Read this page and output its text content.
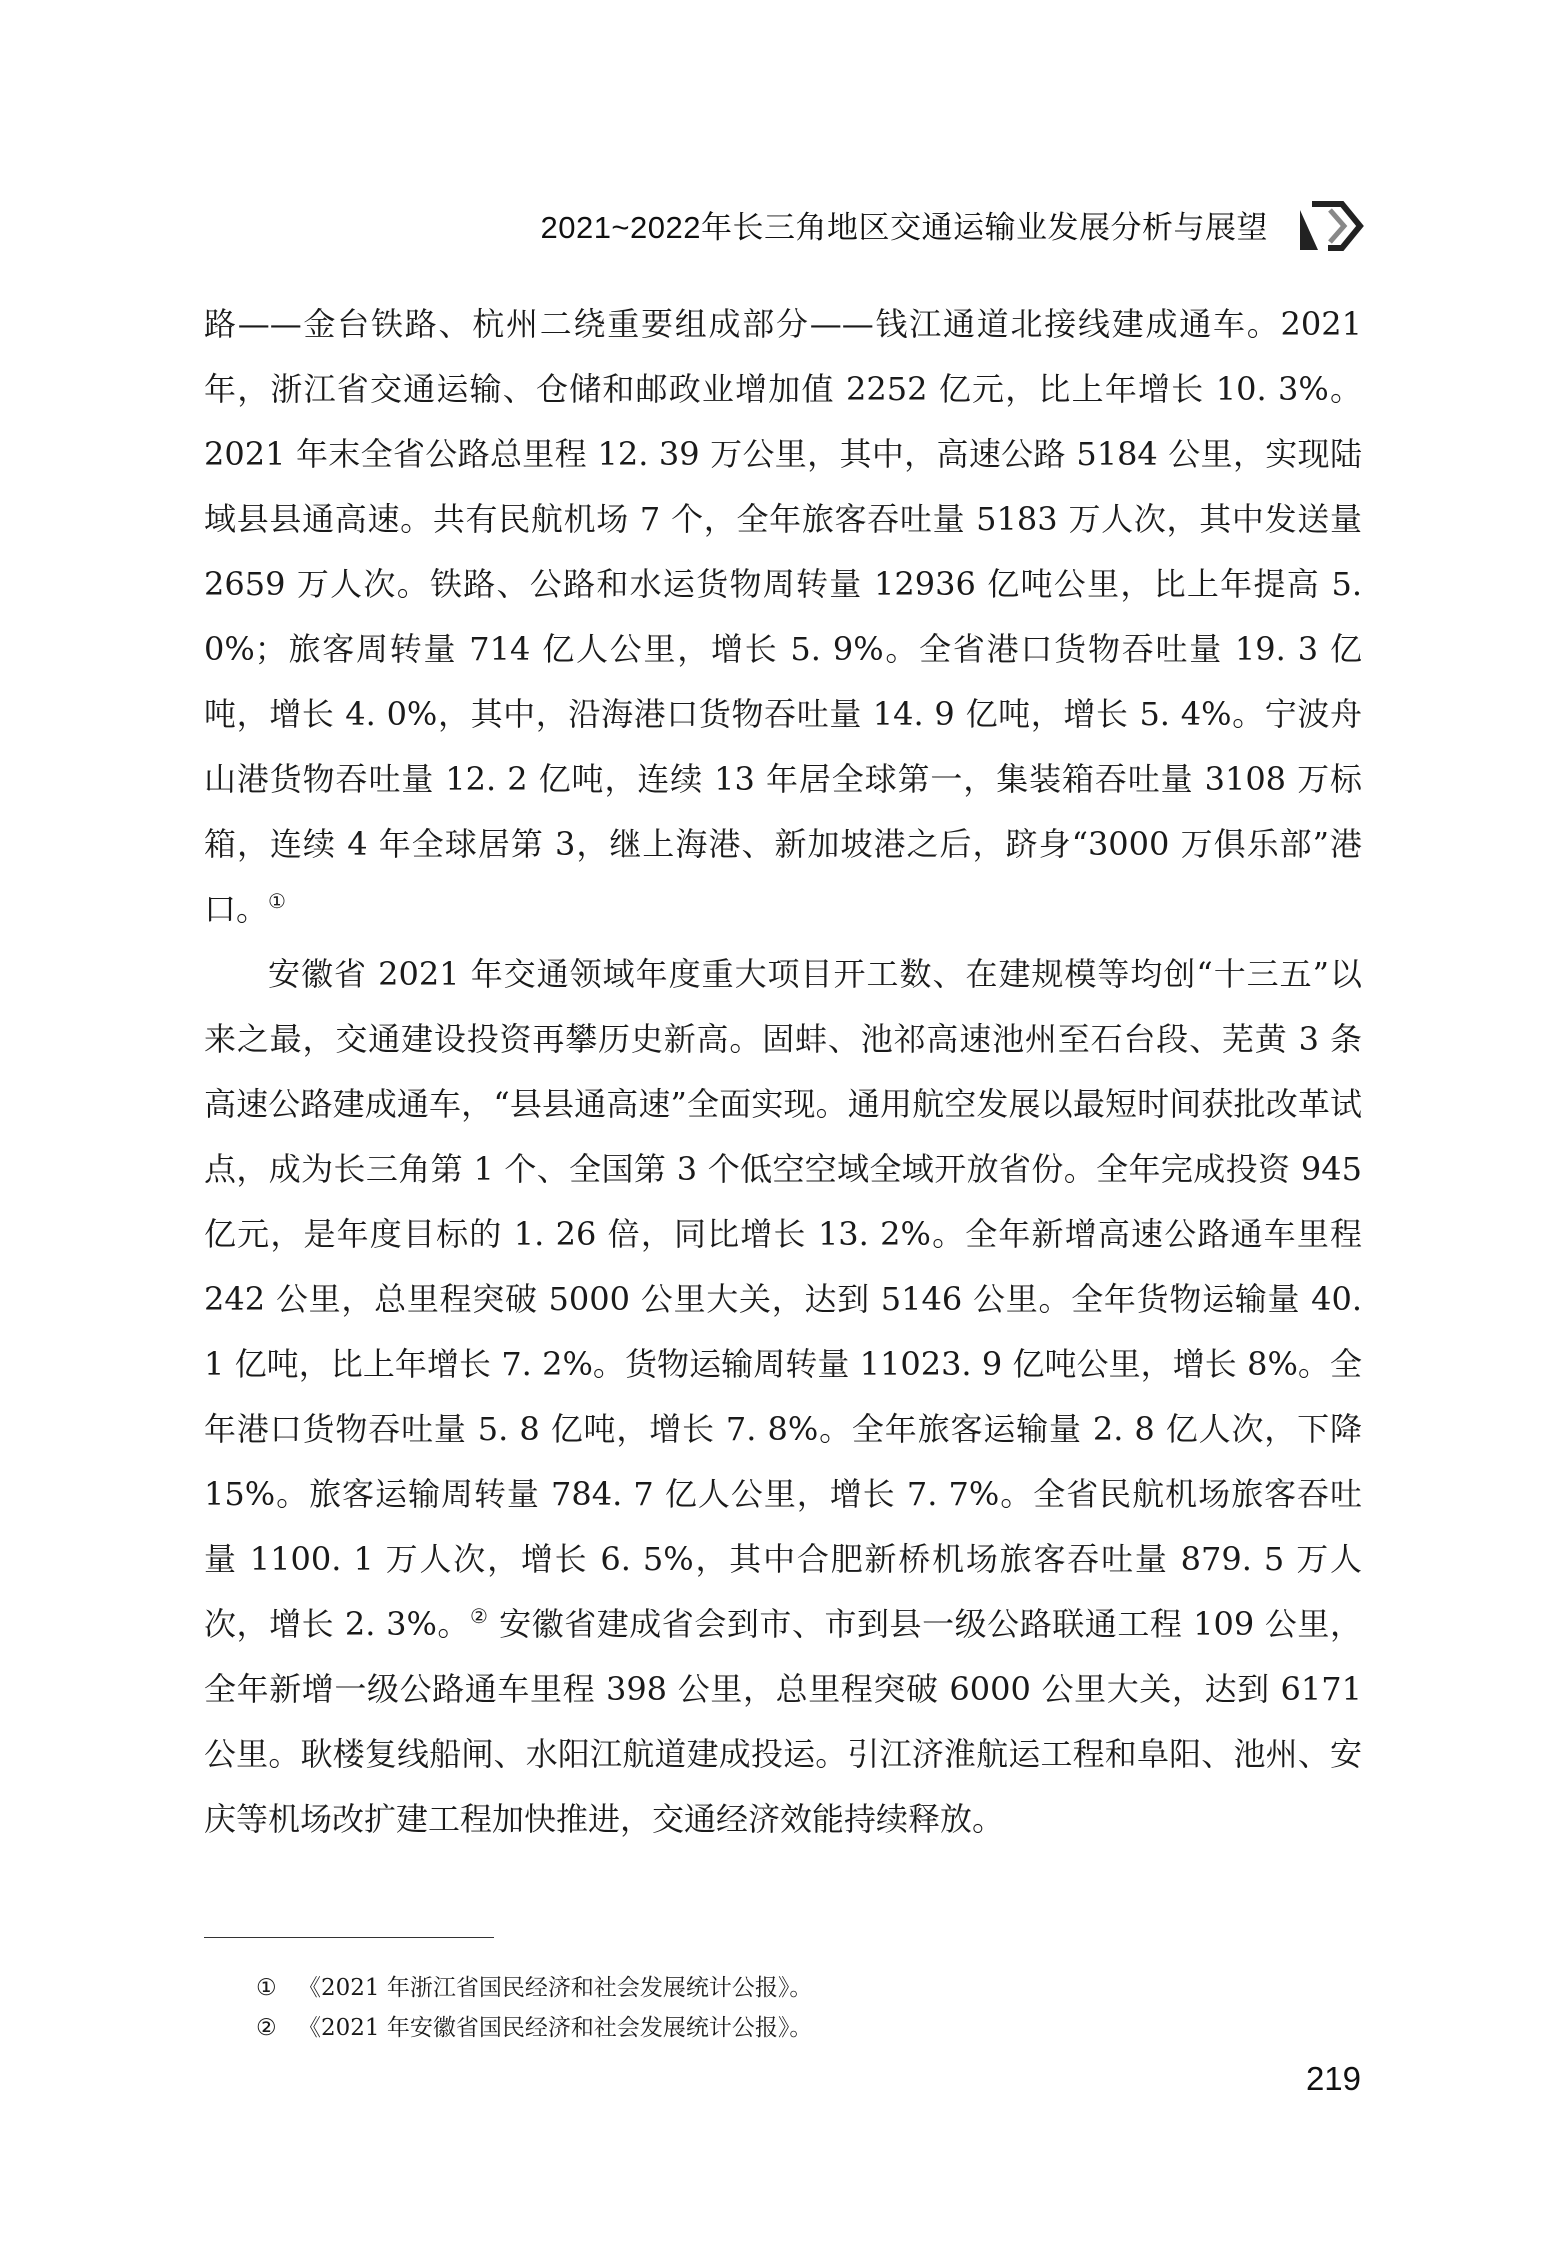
2021~2022年长三角地区交通运输业发展分析与展望

路——金台铁路、杭州二绕重要组成部分——钱江通道北接线建成通车。2021 年，浙江省交通运输、仓储和邮政业增加值 2252 亿元，比上年增长 10. 3%。2021 年末全省公路总里程 12. 39 万公里，其中，高速公路 5184 公里，实现陆域县县通高速。共有民航机场 7 个，全年旅客吞吐量 5183 万人次，其中发送量 2659 万人次。铁路、公路和水运货物周转量 12936 亿吨公里，比上年提高 5. 0%；旅客周转量 714 亿人公里，增长 5. 9%。全省港口货物吞吐量 19. 3 亿吨，增长 4. 0%，其中，沿海港口货物吞吐量 14. 9 亿吨，增长 5. 4%。宁波舟山港货物吞吐量 12. 2 亿吨，连续 13 年居全球第一，集装箱吞吐量 3108 万标箱，连续 4 年全球居第 3，继上海港、新加坡港之后，跻身“3000 万俱乐部”港口。①

安徽省 2021 年交通领域年度重大项目开工数、在建规模等均创“十三五”以来之最，交通建设投资再攀历史新高。固蚌、池祁高速池州至石台段、芜黄 3 条高速公路建成通车，“县县通高速”全面实现。通用航空发展以最短时间获批改革试点，成为长三角第 1 个、全国第 3 个低空空域全域开放省份。全年完成投资 945 亿元，是年度目标的 1. 26 倍，同比增长 13. 2%。全年新增高速公路通车里程 242 公里，总里程突破 5000 公里大关，达到 5146 公里。全年货物运输量 40. 1 亿吨，比上年增长 7. 2%。货物运输周转量 11023. 9 亿吨公里，增长 8%。全年港口货物吞吐量 5. 8 亿吨，增长 7. 8%。全年旅客运输量 2. 8 亿人次，下降 15%。旅客运输周转量 784. 7 亿人公里，增长 7. 7%。全省民航机场旅客吞吐量 1100. 1 万人次，增长 6. 5%，其中合肥新桥机场旅客吞吐量 879. 5 万人次，增长 2. 3%。② 安徽省建成省会到市、市到县一级公路联通工程 109 公里，全年新增一级公路通车里程 398 公里，总里程突破 6000 公里大关，达到 6171 公里。耿楼复线船闸、水阳江航道建成投运。引江济淮航运工程和阜阳、池州、安庆等机场改扩建工程加快推进，交通经济效能持续释放。

① 《2021 年浙江省国民经济和社会发展统计公报》。
② 《2021 年安徽省国民经济和社会发展统计公报》。
219
